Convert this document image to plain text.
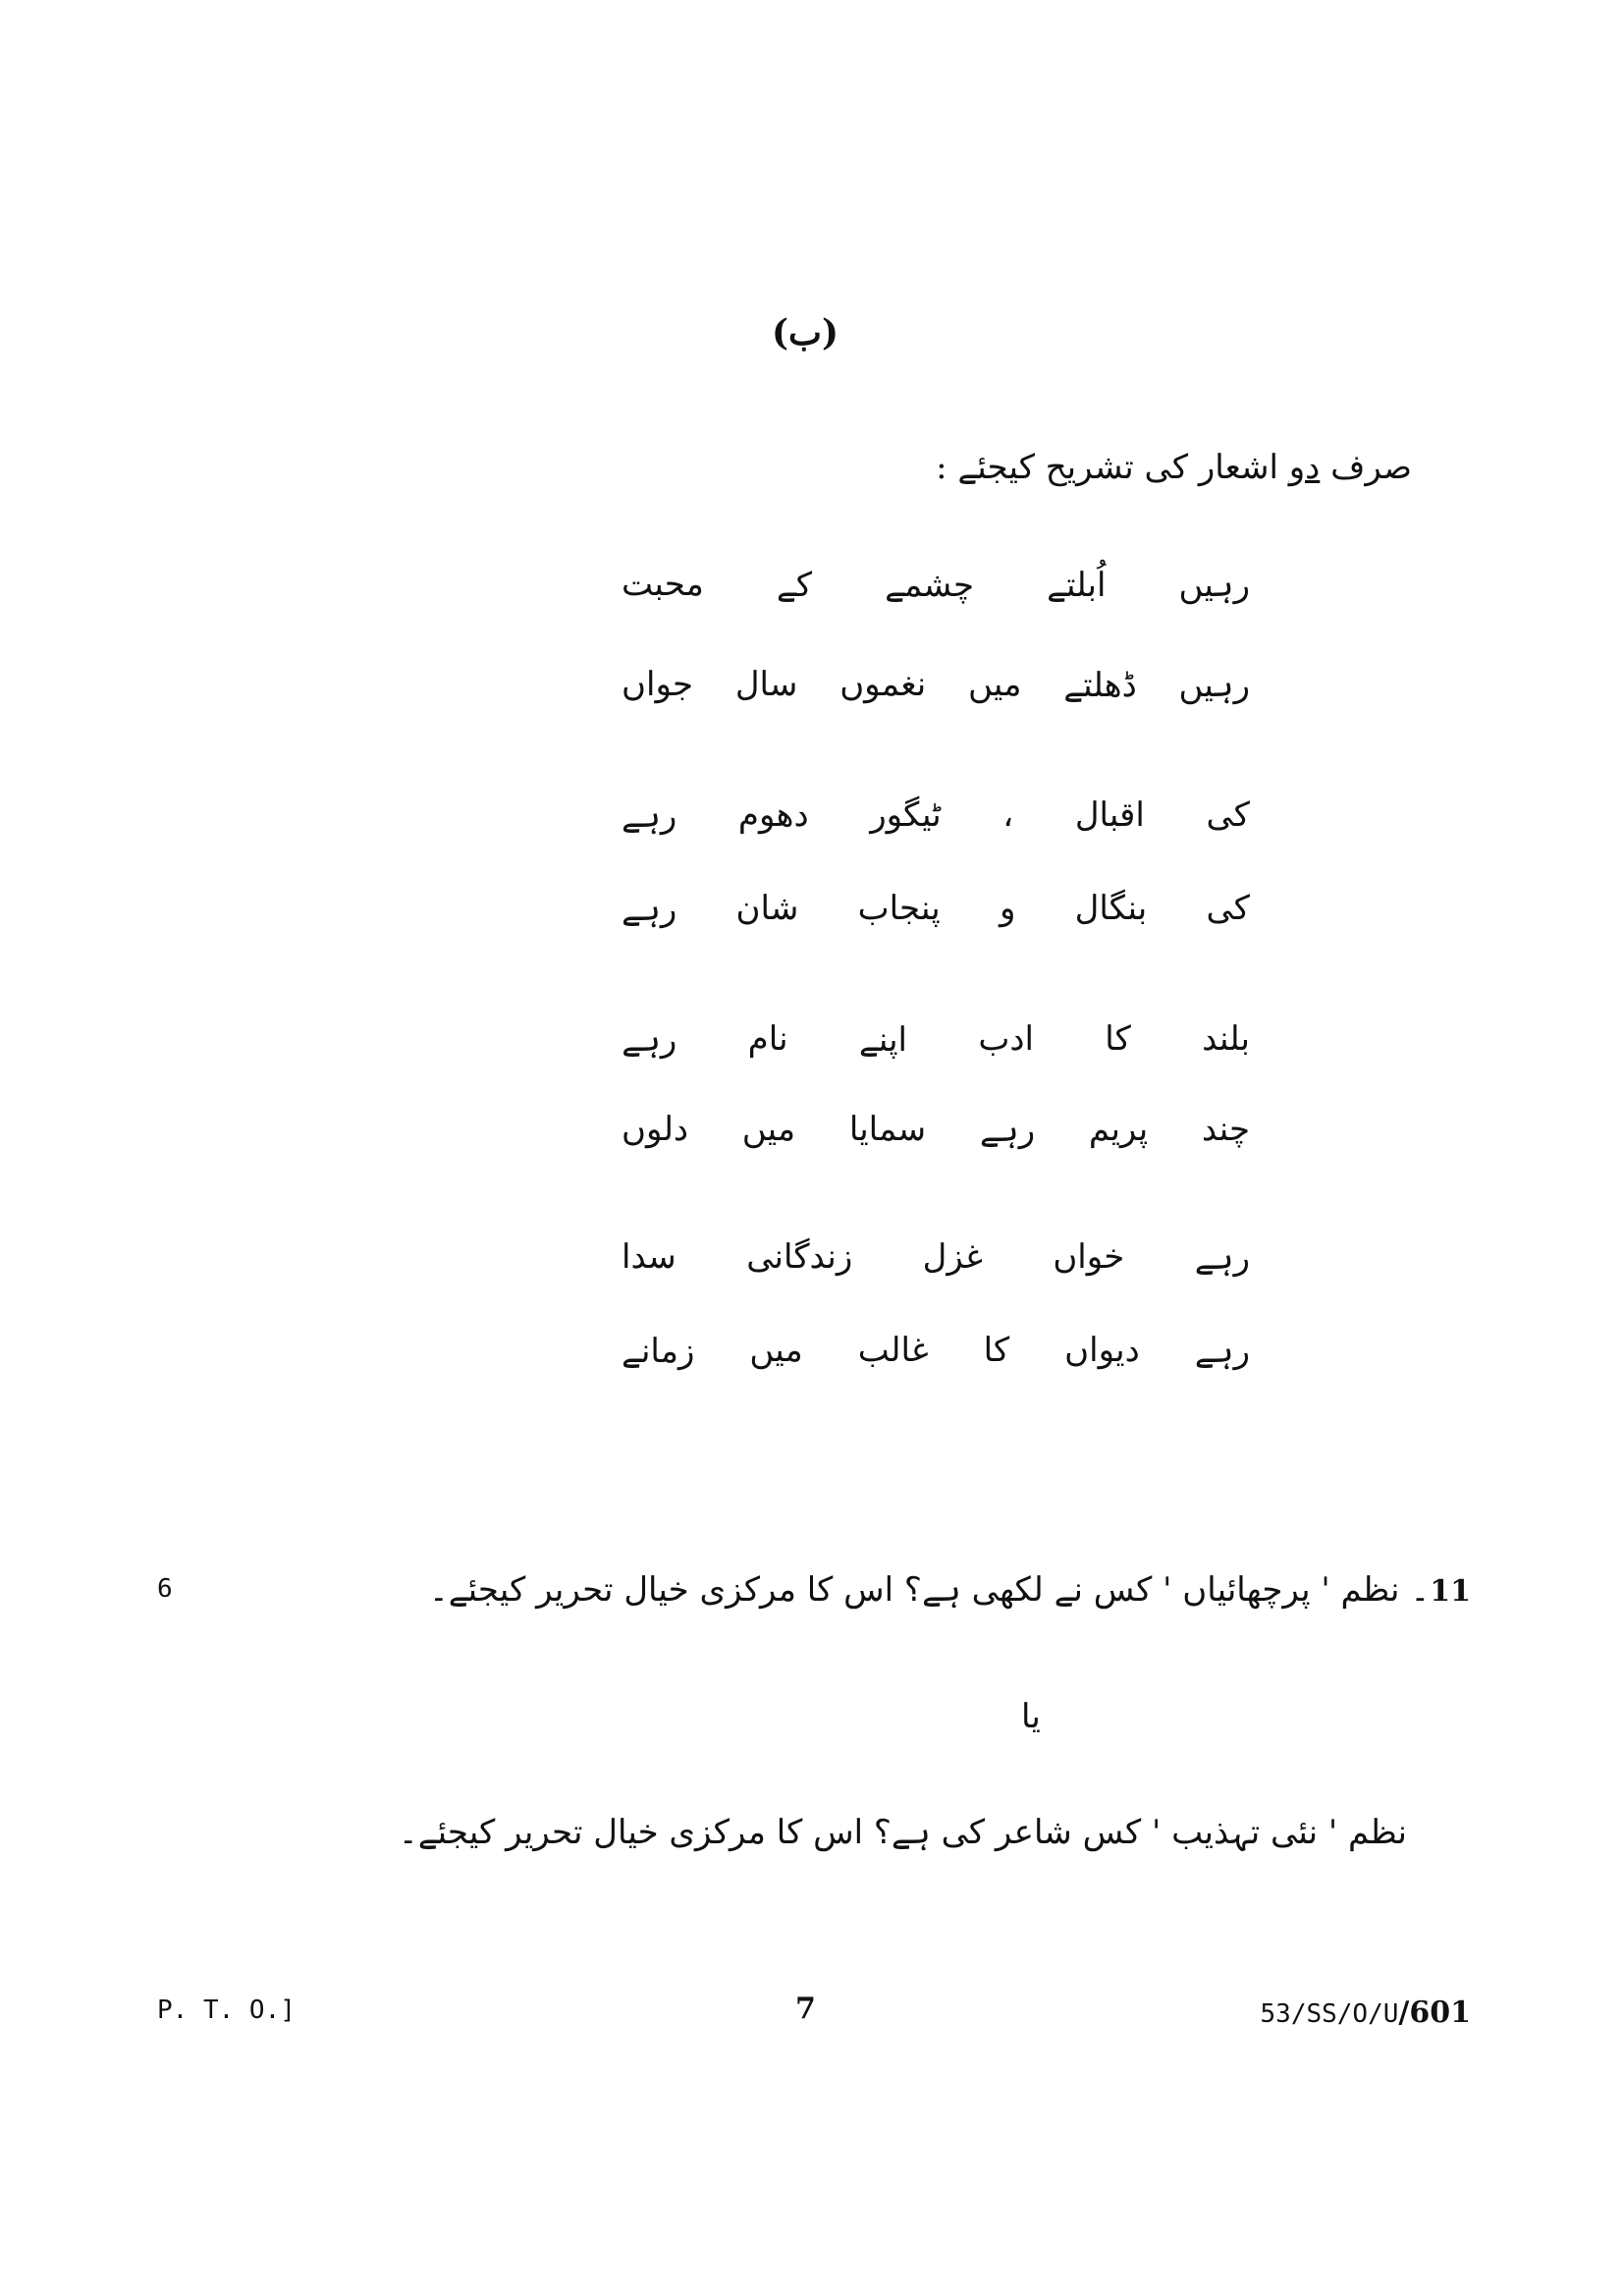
(ب)
صرف دو اشعار کی تشریح کیجئے :
محبت کے چشمے اُبلتے رہیں
جواں سال نغموں میں ڈھلتے رہیں
رہے دھوم ٹیگور ، اقبال کی
رہے شان پنجاب و بنگال کی
رہے نام اپنے ادب کا بلند
دلوں میں سمایا رہے پریم چند
سدا زندگانی غزل خواں رہے
زمانے میں غالب کا دیواں رہے
6	11۔ نظم ' پرچھائیاں ' کس نے لکھی ہے؟ اس کا مرکزی خیال تحریر کیجئے۔
یا
نظم ' نئی تہذیب ' کس شاعر کی ہے؟ اس کا مرکزی خیال تحریر کیجئے۔
P. T. O.]	7	53/SS/O/U/601
